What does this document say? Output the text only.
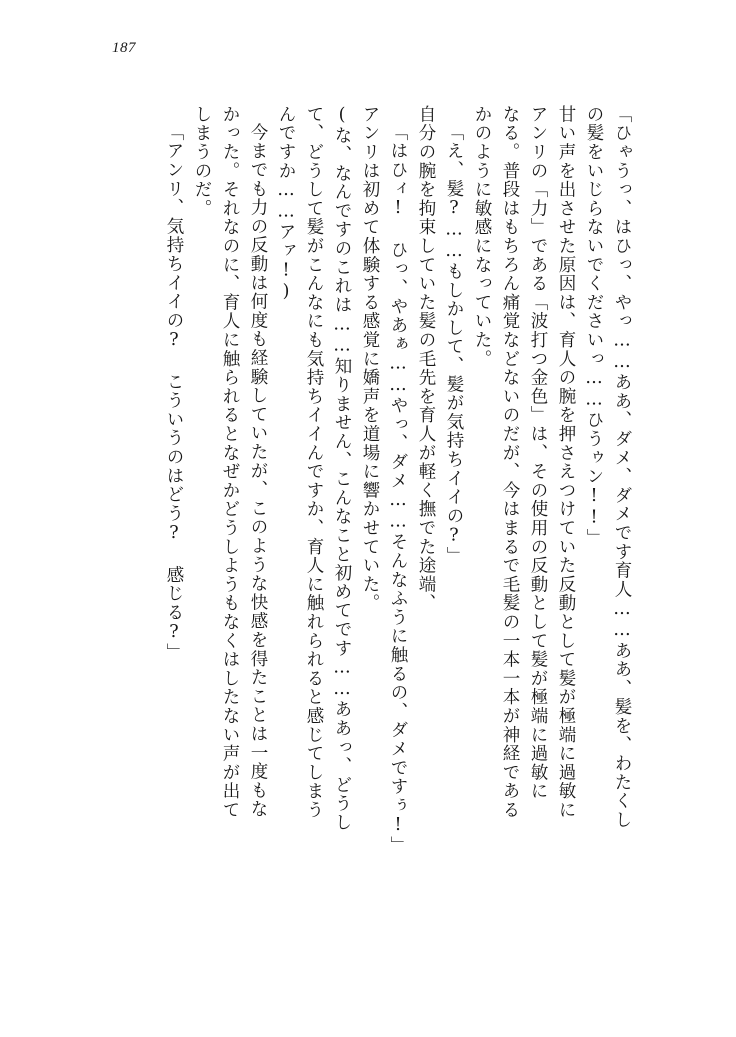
187
「ひゃうっ、はひっ、やっ……ああ、ダメ、ダメです育人……ああ、髪を、わたくし
の髪をいじらないでくださいっ……ひうゥン!!」
甘い声を出させた原因は、育人の腕を押さえつけていた反動として髪が極端に過敏に
アンリの「力」である「波打つ金色」は、その使用の反動として髪が極端に過敏に
なる。普段はもちろん痛覚などないのだが、今はまるで毛髪の一本一本が神経である
かのように敏感になっていた。
「え、髪?……もしかして、髪が気持ちイイの?」
自分の腕を拘束していた髪の毛先を育人が軽く撫でた途端、
「はひィ! ひっ、やあぁ……やっ、ダメ……そんなふうに触るの、ダメですぅ!」
アンリは初めて体験する感覚に嬌声を道場に響かせていた。
(な、なんですのこれは……知りません、こんなこと初めてです……ああっ、どうし
て、どうして髪がこんなにも気持ちイイんですか、育人に触れられると感じてしまう
んですか……アァ!)
今までも力の反動は何度も経験していたが、このような快感を得たことは一度もな
かった。それなのに、育人に触られるとなぜかどうしようもなくはしたない声が出て
しまうのだ。
「アンリ、気持ちイイの? こういうのはどう? 感じる?」
